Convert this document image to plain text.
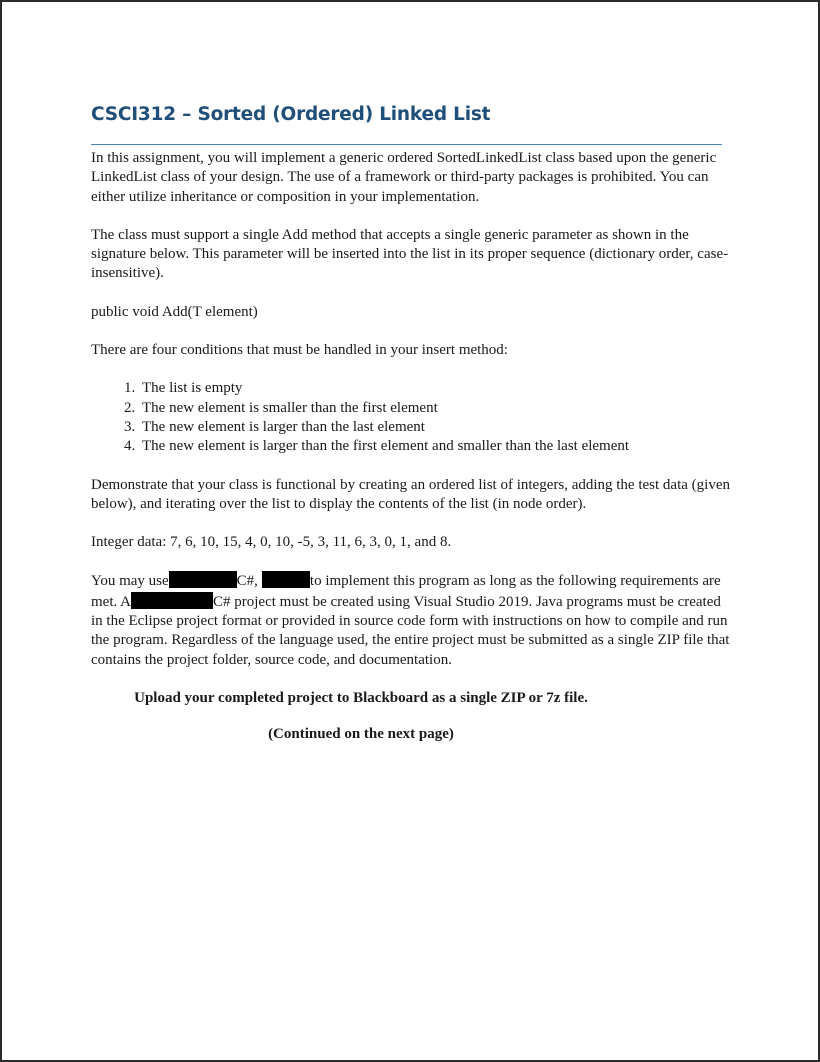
CSCI312 – Sorted (Ordered) Linked List

In this assignment, you will implement a generic ordered SortedLinkedList class based upon the generic LinkedList class of your design. The use of a framework or third-party packages is prohibited. You can either utilize inheritance or composition in your implementation.

The class must support a single Add method that accepts a single generic parameter as shown in the signature below. This parameter will be inserted into the list in its proper sequence (dictionary order, case-insensitive).

public void Add(T element)

There are four conditions that must be handled in your insert method:

1. The list is empty
2. The new element is smaller than the first element
3. The new element is larger than the last element
4. The new element is larger than the first element and smaller than the last element

Demonstrate that your class is functional by creating an ordered list of integers, adding the test data (given below), and iterating over the list to display the contents of the list (in node order).

Integer data: 7, 6, 10, 15, 4, 0, 10, -5, 3, 11, 6, 3, 0, 1, and 8.

You may use	C#,	to implement this program as long as the following requirements are met. A	C# project must be created using Visual Studio 2019. Java programs must be created in the Eclipse project format or provided in source code form with instructions on how to compile and run the program. Regardless of the language used, the entire project must be submitted as a single ZIP file that contains the project folder, source code, and documentation.

Upload your completed project to Blackboard as a single ZIP or 7z file.

(Continued on the next page)
